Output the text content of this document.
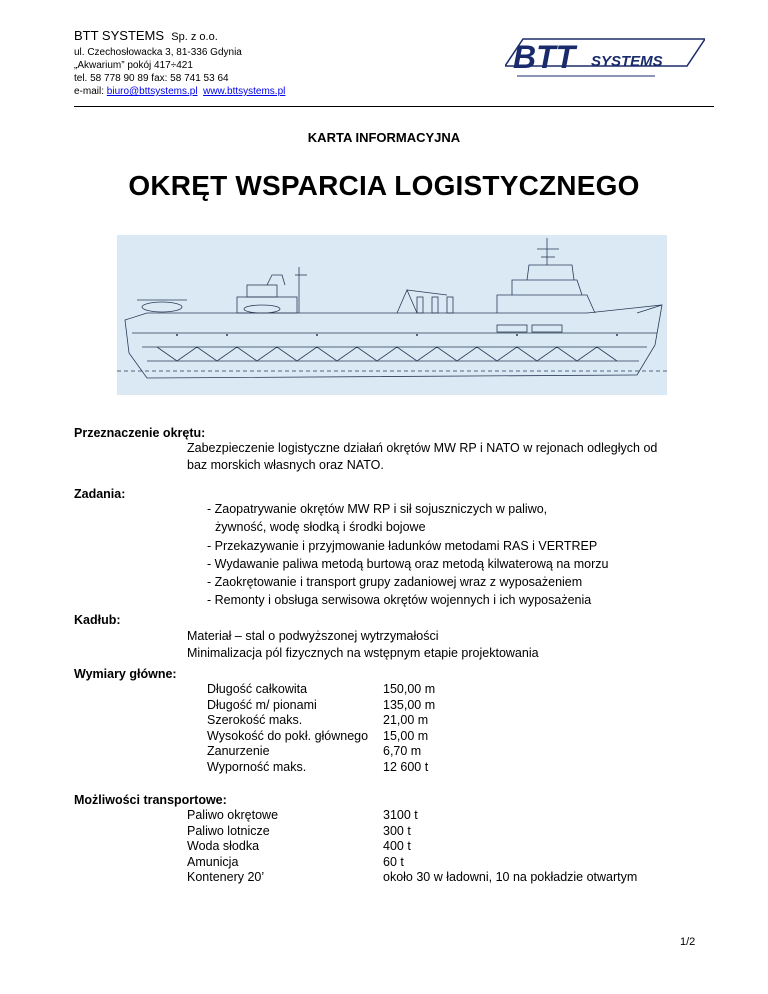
BTT SYSTEMS Sp. z o.o.
ul. Czechosłowacka 3, 81-336 Gdynia
„Akwarium” pokój 417÷421
tel. 58 778 90 89 fax: 58 741 53 64
e-mail: biuro@bttsystems.pl www.bttsystems.pl
BTT SYSTEMS
KARTA INFORMACYJNA
OKRĘT WSPARCIA LOGISTYCZNEGO
Przeznaczenie okrętu:
Zabezpieczenie logistyczne działań okrętów MW RP i NATO w rejonach odległych od
baz morskich własnych oraz NATO.
Zadania:
- Zaopatrywanie okrętów MW RP i sił sojuszniczych w paliwo,
żywność, wodę słodką i środki bojowe
- Przekazywanie i przyjmowanie ładunków metodami RAS i VERTREP
- Wydawanie paliwa metodą burtową oraz metodą kilwaterową na morzu
- Zaokrętowanie i transport grupy zadaniowej wraz z wyposażeniem
- Remonty i obsługa serwisowa okrętów wojennych i ich wyposażenia
Kadłub:
Materiał – stal o podwyższonej wytrzymałości
Minimalizacja pól fizycznych na wstępnym etapie projektowania
Wymiary główne:
Długość całkowita
Długość m/ pionami
Szerokość maks.
Wysokość do pokł. głównego
Zanurzenie
Wyporność maks.
150,00 m
135,00 m
21,00 m
15,00 m
6,70 m
12 600 t
Możliwości transportowe:
Paliwo okrętowe
Paliwo lotnicze
Woda słodka
Amunicja
Kontenery 20’
3100 t
300 t
400 t
60 t
około 30 w ładowni, 10 na pokładzie otwartym
1/2
